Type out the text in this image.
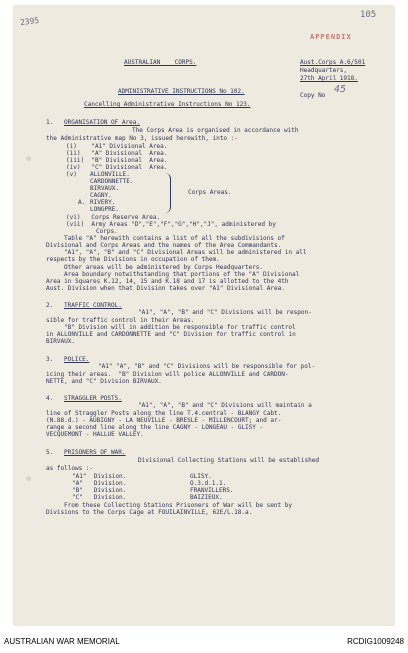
2395
105
APPENDIX
AUSTRALIAN    CORPS.	Aust.Corps A.6/501
Headquarters,
27th April 1918.
ADMINISTRATIVE INSTRUCTIONS No 102.
Copy No
45
Cancelling Administrative Instructions No 123.
1. ORGANISATION OF Area.
The Corps Area is organised in accordance with
the Administrative map No 3, issued herewith, into :-
(i)    "A1" Divisional Area.
(ii)   "A" Divisional  Area.
(iii)  "B" Divisional  Area.
(iv)   "C" Divisional  Area.
(v) ALLONVILLE.
CARDONNETTE.
BIRVAUX.
CAGNY.
A. RIVERY.
LONGPRE.
Corps Areas.
(vi)   Corps Reserve Area.
(vii)  Army Areas "D","E","F","G","H","J", administered by
Corps.
Table "A" herewith contains a list of all the subdivisions of
Divisional and Corps Areas and the names of the Area Commandants.
"A1", "A", "B" and "C" Divisional Areas will be administered in all
respects by the Divisions in occupation of them.
Other areas will be administered by Corps Headquarters.
Area boundary notwithstanding that portions of the "A" Divisional
Area in Squares K.12, 14, 15 and K.18 and 17 is allotted to the 4th
Aust. Division when that Division takes over "A1" Divisional Area.
2. TRAFFIC CONTROL.
"A1", "A", "B" and "C" Divisions will be respon-
sible for traffic control in their Areas.
"B" Division will in addition be responsible for traffic control
in ALLONVILLE and CARDONNETTE and "C" Division for traffic control in
BIRVAUX.
3. POLICE.
"A1" "A", "B" and "C" Divisions will be responsible for pol-
icing their areas.  "B" Division will police ALLONVILLE and CARDON-
NETTE, and "C" Division BIRVAUX.
4. STRAGGLER POSTS.
"A1", "A", "B" and "C" Divisions will maintain a
line of Straggler Posts along the line T.4.central - BLANGY Cabt.
(N.88.d.) - AUBIGNY - LA NEUVILLE - BRESLE - MILLENCOURT; and ar-
range a second line along the line CAGNY - LONGEAU - GLISY -
VECQUEMONT - HALLUE VALLEY.
5. PRISONERS OF WAR.
Divisional Collecting Stations will be established
as follows :-
"A1"  Division.	GLISY.
"A"   Division.	O.3.d.1.1.
"B"   Division.	FRANVILLERS.
"C"   Division.	BAIZIEUX.
From these Collecting Stations Prisoners of War will be sent by
Divisions to the Corps Cage at FOUILAINVILLE, 62E/L.18.a.
AUSTRALIAN WAR MEMORIAL	RCDIG1009248
